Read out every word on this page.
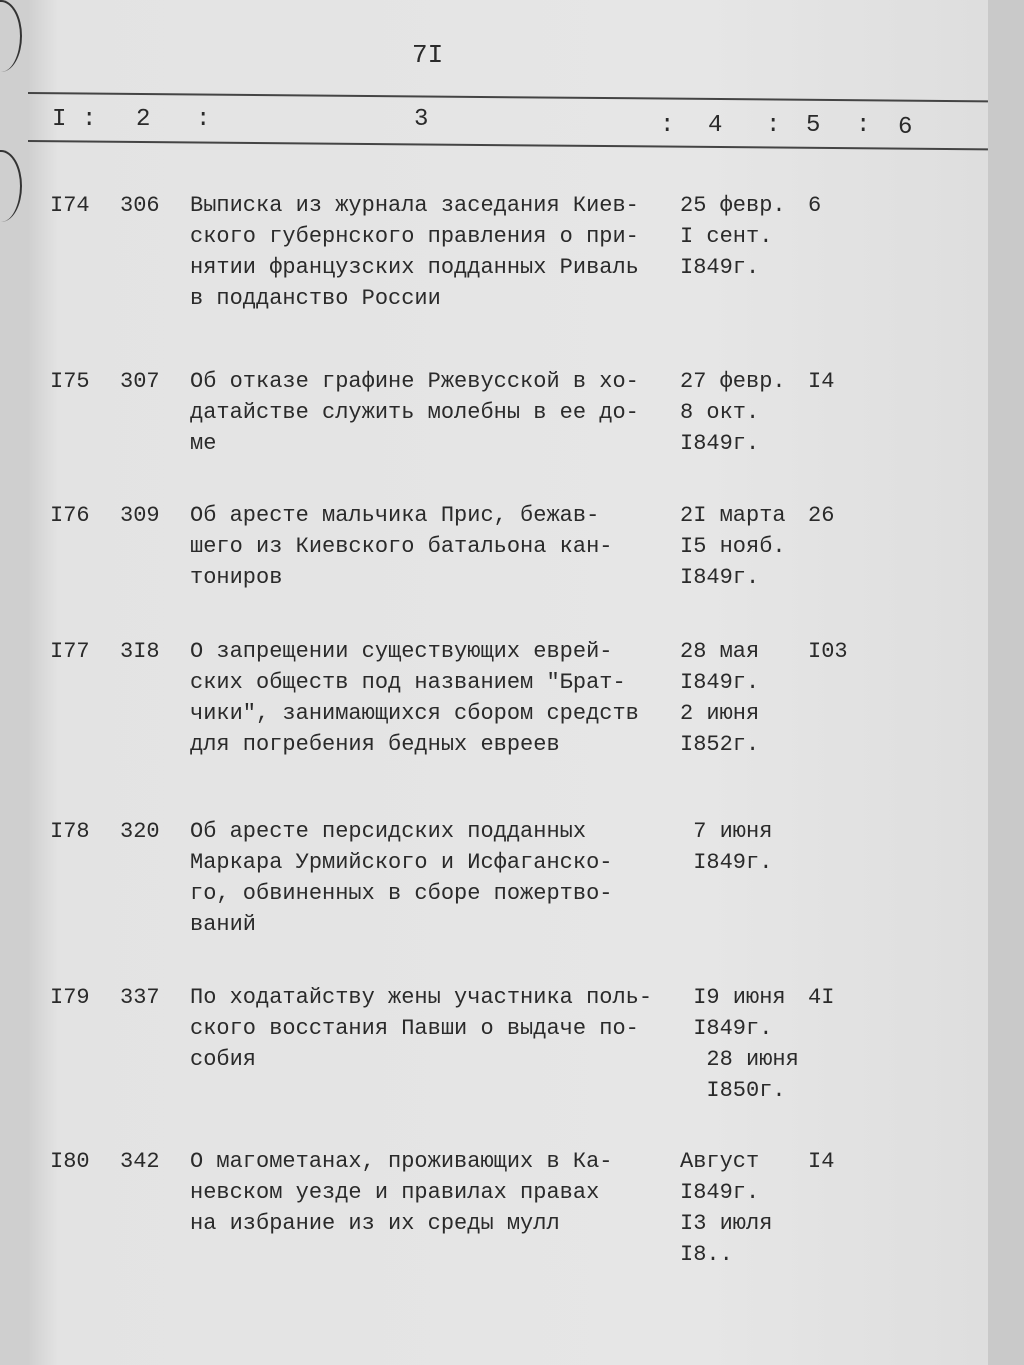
7I
I : 2 :	3	: 4 : 5 : 6
I74 306 Выписка из журнала заседания Киев-
ского губернского правления о при-
нятии французских подданных Риваль
в подданство России
25 февр.
I сент.
I849г.
6
I75 307 Об отказе графине Ржевусской в хо-
датайстве служить молебны в ее до-
ме
27 февр.
8 окт.
I849г.
I4
I76 309 Об аресте мальчика Прис, бежав-
шего из Киевского батальона кан-
тониров
2I марта
I5 нояб.
I849г.
26
I77 3I8 О запрещении существующих еврей-
ских обществ под названием "Брат-
чики", занимающихся сбором средств
для погребения бедных евреев
28 мая
I849г.
2 июня
I852г.
I03
I78 320 Об аресте персидских подданных
Маркара Урмийского и Исфаганско-
го, обвиненных в сборе пожертво-
ваний
7 июня
I849г.
I79 337 По ходатайству жены участника поль-
ского восстания Павши о выдаче по-
собия
I9 июня
I849г.
28 июня
I850г.
4I
I80 342 О магометанах, проживающих в Ка-
невском уезде и правилах правах
на избрание из их среды мулл
Август
I849г.
I3 июля
I8..
I4
